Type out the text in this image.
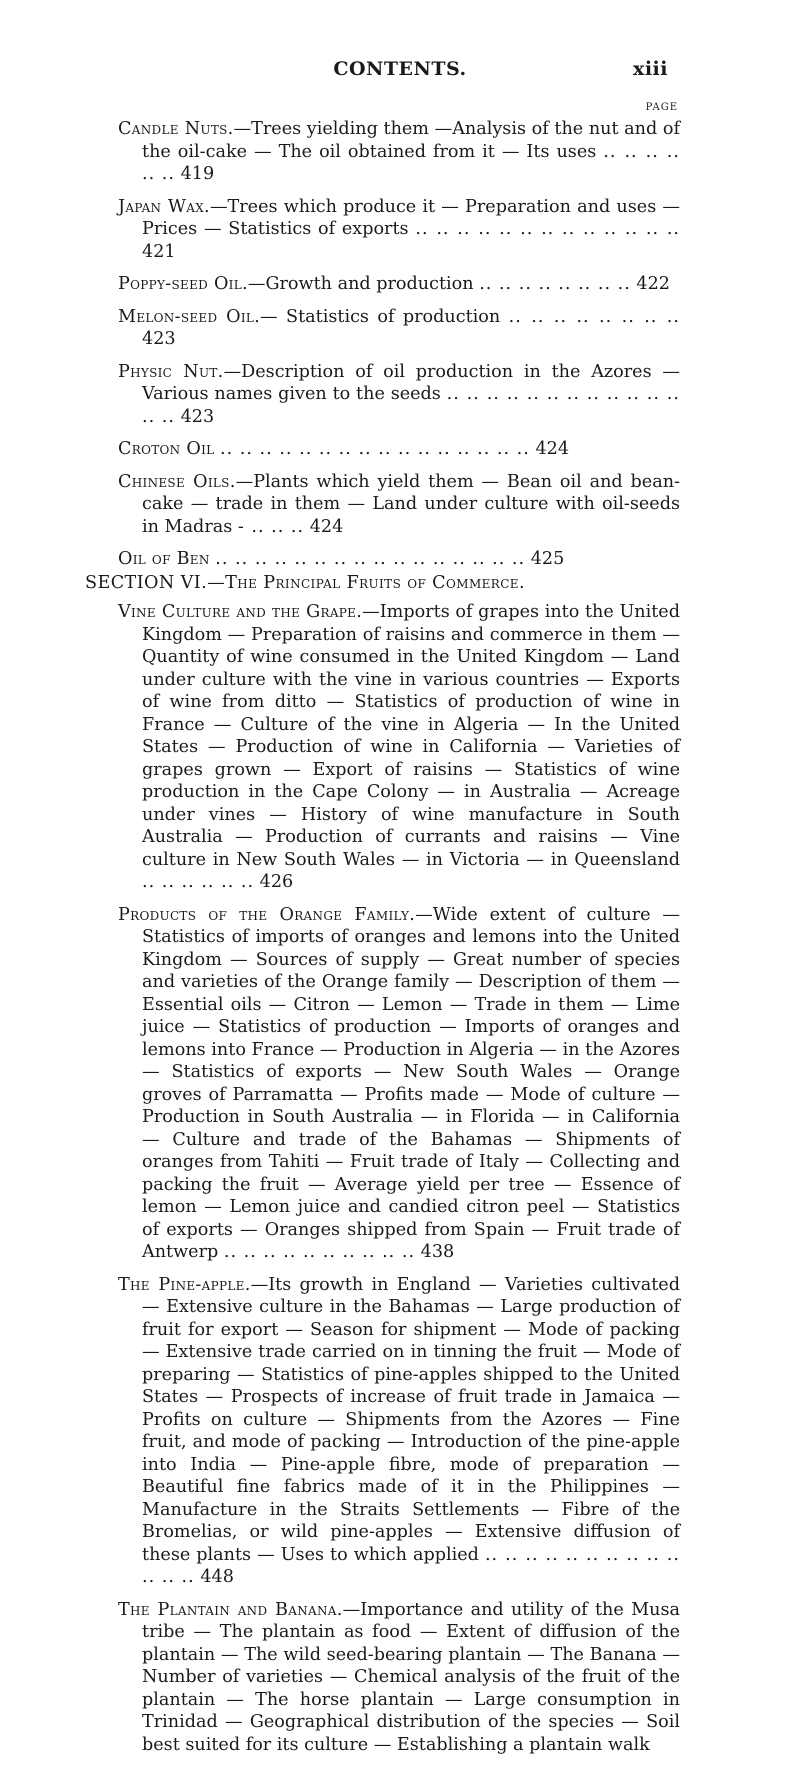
CONTENTS.	xiii
PAGE
Candle Nuts.—Trees yielding them —Analysis of the nut and of the oil-cake — The oil obtained from it — Its uses .. .. .. .. .. .. 419
Japan Wax.—Trees which produce it — Preparation and uses — Prices — Statistics of exports .. .. .. .. .. .. .. .. .. .. .. .. .. 421
Poppy-seed Oil.—Growth and production .. .. .. .. .. .. .. .. 422
Melon-seed Oil.— Statistics of production .. .. .. .. .. .. .. .. 423
Physic Nut.—Description of oil production in the Azores — Various names given to the seeds .. .. .. .. .. .. .. .. .. .. .. .. .. .. 423
Croton Oil .. .. .. .. .. .. .. .. .. .. .. .. .. .. .. .. 424
Chinese Oils.—Plants which yield them — Bean oil and bean-cake — trade in them — Land under culture with oil-seeds in Madras - .. .. .. 424
Oil of Ben .. .. .. .. .. .. .. .. .. .. .. .. .. .. .. .. 425
SECTION VI.—The Principal Fruits of Commerce.
Vine Culture and the Grape.—Imports of grapes into the United Kingdom — Preparation of raisins and commerce in them — Quantity of wine consumed in the United Kingdom — Land under culture with the vine in various countries — Exports of wine from ditto — Statistics of production of wine in France — Culture of the vine in Algeria — In the United States — Production of wine in California — Varieties of grapes grown — Export of raisins — Statistics of wine production in the Cape Colony — in Australia — Acreage under vines — History of wine manufacture in South Australia — Production of currants and raisins — Vine culture in New South Wales — in Victoria — in Queensland .. .. .. .. .. .. 426
Products of the Orange Family.—Wide extent of culture — Statistics of imports of oranges and lemons into the United Kingdom — Sources of supply — Great number of species and varieties of the Orange family — Description of them — Essential oils — Citron — Lemon — Trade in them — Lime juice — Statistics of production — Imports of oranges and lemons into France — Production in Algeria — in the Azores — Statistics of exports — New South Wales — Orange groves of Parramatta — Profits made — Mode of culture — Production in South Australia — in Florida — in California — Culture and trade of the Bahamas — Shipments of oranges from Tahiti — Fruit trade of Italy — Collecting and packing the fruit — Average yield per tree — Essence of lemon — Lemon juice and candied citron peel — Statistics of exports — Oranges shipped from Spain — Fruit trade of Antwerp .. .. .. .. .. .. .. .. .. .. 438
The Pine-apple.—Its growth in England — Varieties cultivated — Extensive culture in the Bahamas — Large production of fruit for export — Season for shipment — Mode of packing — Extensive trade carried on in tinning the fruit — Mode of preparing — Statistics of pine-apples shipped to the United States — Prospects of increase of fruit trade in Jamaica — Profits on culture — Shipments from the Azores — Fine fruit, and mode of packing — Introduction of the pine-apple into India — Pine-apple fibre, mode of preparation — Beautiful fine fabrics made of it in the Philippines — Manufacture in the Straits Settlements — Fibre of the Bromelias, or wild pine-apples — Extensive diffusion of these plants — Uses to which applied .. .. .. .. .. .. .. .. .. .. .. .. .. 448
The Plantain and Banana.—Importance and utility of the Musa tribe — The plantain as food — Extent of diffusion of the plantain — The wild seed-bearing plantain — The Banana — Number of varieties — Chemical analysis of the fruit of the plantain — The horse plantain — Large consumption in Trinidad — Geographical distribution of the species — Soil best suited for its culture — Establishing a plantain walk
